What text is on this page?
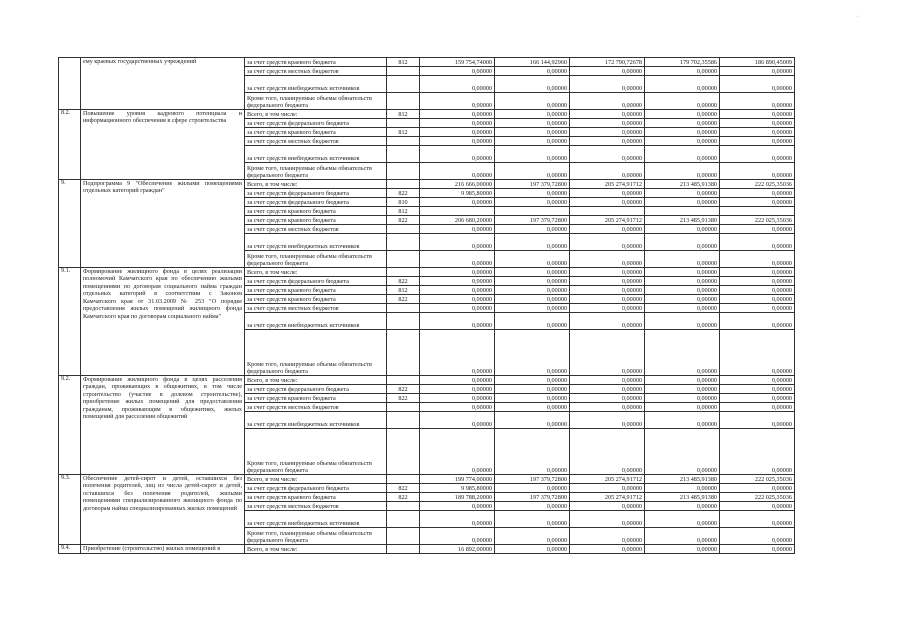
·
	ему краевых государственных учреждений	за счет средств краевого бюджета	812	159 754,74000	166 144,92960	172 790,72678	179 702,35586	186 890,45009
		за счет средств местных бюджетов		0,00000	0,00000	0,00000	0,00000	0,00000
		за счет средств внебюджетных источников		0,00000	0,00000	0,00000	0,00000	0,00000
		Кроме того, планируемые объемы обязательств федерального бюджета		0,00000	0,00000	0,00000	0,00000	0,00000
8.2.	Повышение уровня кадрового потенциала и информационного обеспечения в сфере строительства	Всего, в том числе:	812	0,00000	0,00000	0,00000	0,00000	0,00000
		за счет средств федерального бюджета		0,00000	0,00000	0,00000	0,00000	0,00000
		за счет средств краевого бюджета	812	0,00000	0,00000	0,00000	0,00000	0,00000
		за счет средств местных бюджетов		0,00000	0,00000	0,00000	0,00000	0,00000
		за счет средств внебюджетных источников		0,00000	0,00000	0,00000	0,00000	0,00000
		Кроме того, планируемые объемы обязательств федерального бюджета		0,00000	0,00000	0,00000	0,00000	0,00000
9.	Подпрограмма 9 "Обеспечение жилыми помещениями отдельных категорий граждан"	Всего, в том числе:		216 666,00000	197 379,72800	205 274,91712	213 485,91380	222 025,35036
		за счет средств федерального бюджета	822	9 985,80000	0,00000	0,00000	0,00000	0,00000
		за счет средств федерального бюджета	810	0,00000	0,00000	0,00000	0,00000	0,00000
		за счет средств краевого бюджета	812					
		за счет средств краевого бюджета	822	206 680,20000	197 379,72800	205 274,91712	213 485,91380	222 025,35036
		за счет средств местных бюджетов		0,00000	0,00000	0,00000	0,00000	0,00000
		за счет средств внебюджетных источников		0,00000	0,00000	0,00000	0,00000	0,00000
		Кроме того, планируемые объемы обязательств федерального бюджета		0,00000	0,00000	0,00000	0,00000	0,00000
9.1.	Формирование жилищного фонда в целях реализации полномочий Камчатского края по обеспечению жилыми помещениями по договорам социального найма граждан отдельных категорий в соответствии с Законом Камчатского края от 31.03.2009 № 253 "О порядке предоставления жилых помещений жилищного фонда Камчатского края по договорам социального найма"	Всего, в том числе:		0,00000	0,00000	0,00000	0,00000	0,00000
		за счет средств федерального бюджета	822	0,00000	0,00000	0,00000	0,00000	0,00000
		за счет средств краевого бюджета	812	0,00000	0,00000	0,00000	0,00000	0,00000
		за счет средств краевого бюджета	822	0,00000	0,00000	0,00000	0,00000	0,00000
		за счет средств местных бюджетов		0,00000	0,00000	0,00000	0,00000	0,00000
		за счет средств внебюджетных источников		0,00000	0,00000	0,00000	0,00000	0,00000
		Кроме того, планируемые объемы обязательств федерального бюджета		0,00000	0,00000	0,00000	0,00000	0,00000
9.2.	Формирование жилищного фонда в целях расселения граждан, проживающих в общежитиях, в том числе строительство (участие в долевом строительстве), приобретение жилых помещений для предоставления гражданам, проживающим в общежитиях, жилых помещений для расселения общежитий	Всего, в том числе:		0,00000	0,00000	0,00000	0,00000	0,00000
		за счет средств федерального бюджета	822	0,00000	0,00000	0,00000	0,00000	0,00000
		за счет средств краевого бюджета	822	0,00000	0,00000	0,00000	0,00000	0,00000
		за счет средств местных бюджетов		0,00000	0,00000	0,00000	0,00000	0,00000
		за счет средств внебюджетных источников		0,00000	0,00000	0,00000	0,00000	0,00000
		Кроме того, планируемые объемы обязательств федерального бюджета		0,00000	0,00000	0,00000	0,00000	0,00000
9.3.	Обеспечение детей-сирот и детей, оставшихся без попечения родителей, лиц из числа детей-сирот и детей, оставшихся без попечения родителей, жилыми помещениями специализированного жилищного фонда по договорам найма специализированных жилых помещений	Всего, в том числе:		199 774,00000	197 379,72800	205 274,91712	213 485,91380	222 025,35036
		за счет средств федерального бюджета	822	9 985,80000	0,00000	0,00000	0,00000	0,00000
		за счет средств краевого бюджета	822	189 788,20000	197 379,72800	205 274,91712	213 485,91380	222 025,35036
		за счет средств местных бюджетов		0,00000	0,00000	0,00000	0,00000	0,00000
		за счет средств внебюджетных источников		0,00000	0,00000	0,00000	0,00000	0,00000
		Кроме того, планируемые объемы обязательств федерального бюджета		0,00000	0,00000	0,00000	0,00000	0,00000
9.4.	Приобретение (строительство) жилых помещений в	Всего, в том числе:		16 892,00000	0,00000	0,00000	0,00000	0,00000
